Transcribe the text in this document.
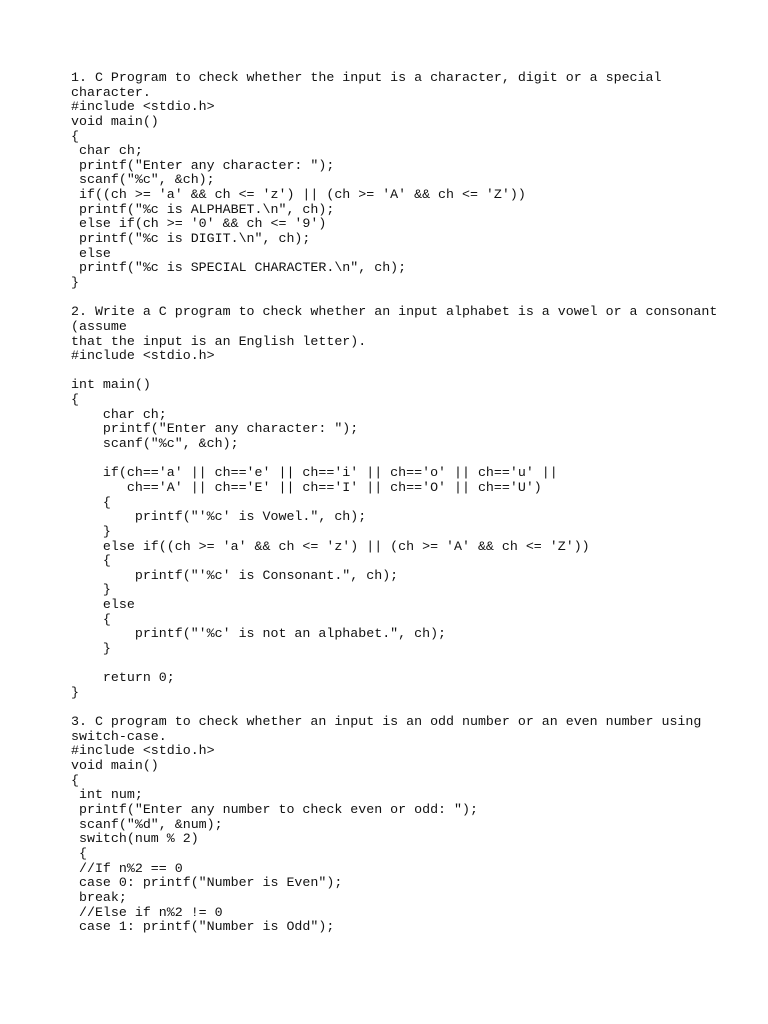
1. C Program to check whether the input is a character, digit or a special
character.
#include <stdio.h>
void main()
{
char ch;
printf("Enter any character: ");
scanf("%c", &ch);
if((ch >= 'a' && ch <= 'z') || (ch >= 'A' && ch <= 'Z'))
printf("%c is ALPHABET.\n", ch);
else if(ch >= '0' && ch <= '9')
printf("%c is DIGIT.\n", ch);
else
printf("%c is SPECIAL CHARACTER.\n", ch);
}
2. Write a C program to check whether an input alphabet is a vowel or a consonant
(assume
that the input is an English letter).
#include <stdio.h>
int main()
{
char ch;
printf("Enter any character: ");
scanf("%c", &ch);
if(ch=='a' || ch=='e' || ch=='i' || ch=='o' || ch=='u' ||
ch=='A' || ch=='E' || ch=='I' || ch=='O' || ch=='U')
{
printf("'%c' is Vowel.", ch);
}
else if((ch >= 'a' && ch <= 'z') || (ch >= 'A' && ch <= 'Z'))
{
printf("'%c' is Consonant.", ch);
}
else
{
printf("'%c' is not an alphabet.", ch);
}
return 0;
}
3. C program to check whether an input is an odd number or an even number using
switch-case.
#include <stdio.h>
void main()
{
int num;
printf("Enter any number to check even or odd: ");
scanf("%d", &num);
switch(num % 2)
{
//If n%2 == 0
case 0: printf("Number is Even");
break;
//Else if n%2 != 0
case 1: printf("Number is Odd");
